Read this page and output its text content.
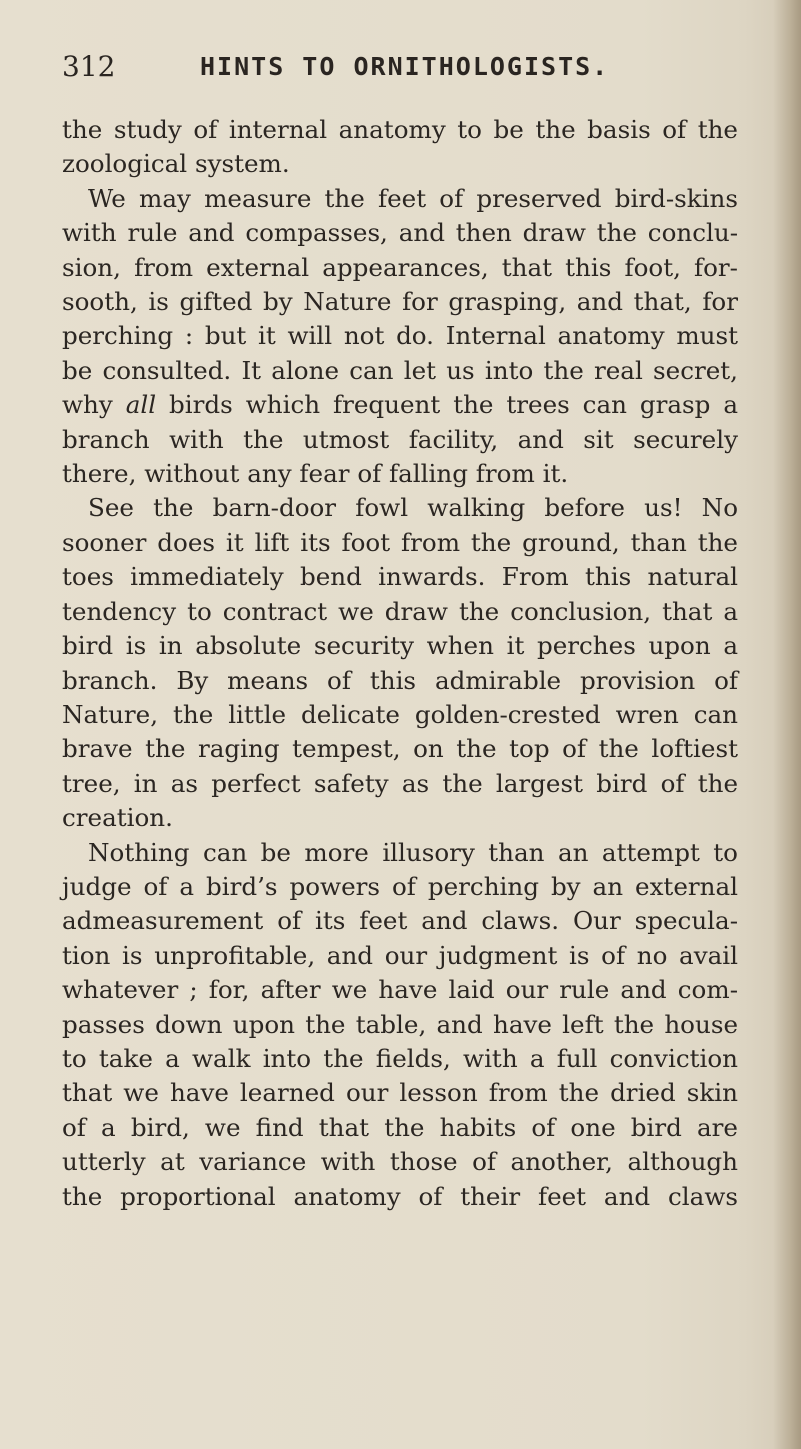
312	HINTS TO ORNITHOLOGISTS.
the study of internal anatomy to be the basis of the
zoological system.
We may measure the feet of preserved bird-skins
with rule and compasses, and then draw the conclu-
sion, from external appearances, that this foot, for-
sooth, is gifted by Nature for grasping, and that, for
perching : but it will not do. Internal anatomy must
be consulted. It alone can let us into the real secret,
why all birds which frequent the trees can grasp a
branch with the utmost facility, and sit securely
there, without any fear of falling from it.
See the barn-door fowl walking before us! No
sooner does it lift its foot from the ground, than the
toes immediately bend inwards. From this natural
tendency to contract we draw the conclusion, that a
bird is in absolute security when it perches upon a
branch. By means of this admirable provision of
Nature, the little delicate golden-crested wren can
brave the raging tempest, on the top of the loftiest
tree, in as perfect safety as the largest bird of the
creation.
Nothing can be more illusory than an attempt to
judge of a bird’s powers of perching by an external
admeasurement of its feet and claws. Our specula-
tion is unprofitable, and our judgment is of no avail
whatever ; for, after we have laid our rule and com-
passes down upon the table, and have left the house
to take a walk into the fields, with a full conviction
that we have learned our lesson from the dried skin
of a bird, we find that the habits of one bird are
utterly at variance with those of another, although
the proportional anatomy of their feet and claws
